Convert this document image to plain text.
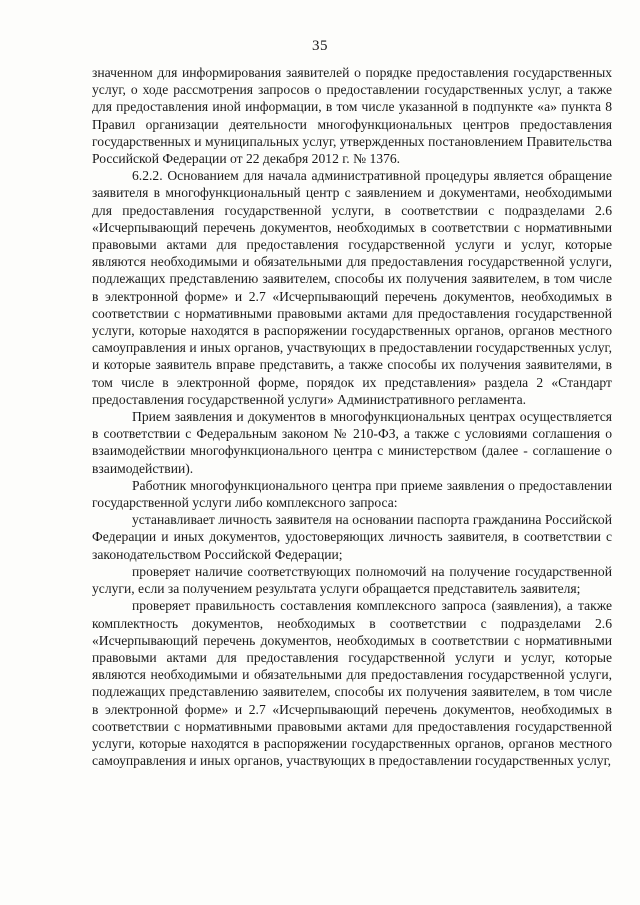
35

значенном для информирования заявителей о порядке предоставления государственных услуг, о ходе рассмотрения запросов о предоставлении государственных услуг, а также для предоставления иной информации, в том числе указанной в подпункте «а» пункта 8 Правил организации деятельности многофункциональных центров предоставления государственных и муниципальных услуг, утвержденных постановлением Правительства Российской Федерации от 22 декабря 2012 г. № 1376.

6.2.2. Основанием для начала административной процедуры является обращение заявителя в многофункциональный центр с заявлением и документами, необходимыми для предоставления государственной услуги, в соответствии с подразделами 2.6 «Исчерпывающий перечень документов, необходимых в соответствии с нормативными правовыми актами для предоставления государственной услуги и услуг, которые являются необходимыми и обязательными для предоставления государственной услуги, подлежащих представлению заявителем, способы их получения заявителем, в том числе в электронной форме» и 2.7 «Исчерпывающий перечень документов, необходимых в соответствии с нормативными правовыми актами для предоставления государственной услуги, которые находятся в распоряжении государственных органов, органов местного самоуправления и иных органов, участвующих в предоставлении государственных услуг, и которые заявитель вправе представить, а также способы их получения заявителями, в том числе в электронной форме, порядок их представления» раздела 2 «Стандарт предоставления государственной услуги» Административного регламента.

Прием заявления и документов в многофункциональных центрах осуществляется в соответствии с Федеральным законом № 210-ФЗ, а также с условиями соглашения о взаимодействии многофункционального центра с министерством (далее - соглашение о взаимодействии).

Работник многофункционального центра при приеме заявления о предоставлении государственной услуги либо комплексного запроса:

устанавливает личность заявителя на основании паспорта гражданина Российской Федерации и иных документов, удостоверяющих личность заявителя, в соответствии с законодательством Российской Федерации;

проверяет наличие соответствующих полномочий на получение государственной услуги, если за получением результата услуги обращается представитель заявителя;

проверяет правильность составления комплексного запроса (заявления), а также комплектность документов, необходимых в соответствии с подразделами 2.6 «Исчерпывающий перечень документов, необходимых в соответствии с нормативными правовыми актами для предоставления государственной услуги и услуг, которые являются необходимыми и обязательными для предоставления государственной услуги, подлежащих представлению заявителем, способы их получения заявителем, в том числе в электронной форме» и 2.7 «Исчерпывающий перечень документов, необходимых в соответствии с нормативными правовыми актами для предоставления государственной услуги, которые находятся в распоряжении государственных органов, органов местного самоуправления и иных органов, участвующих в предоставлении государственных услуг,
